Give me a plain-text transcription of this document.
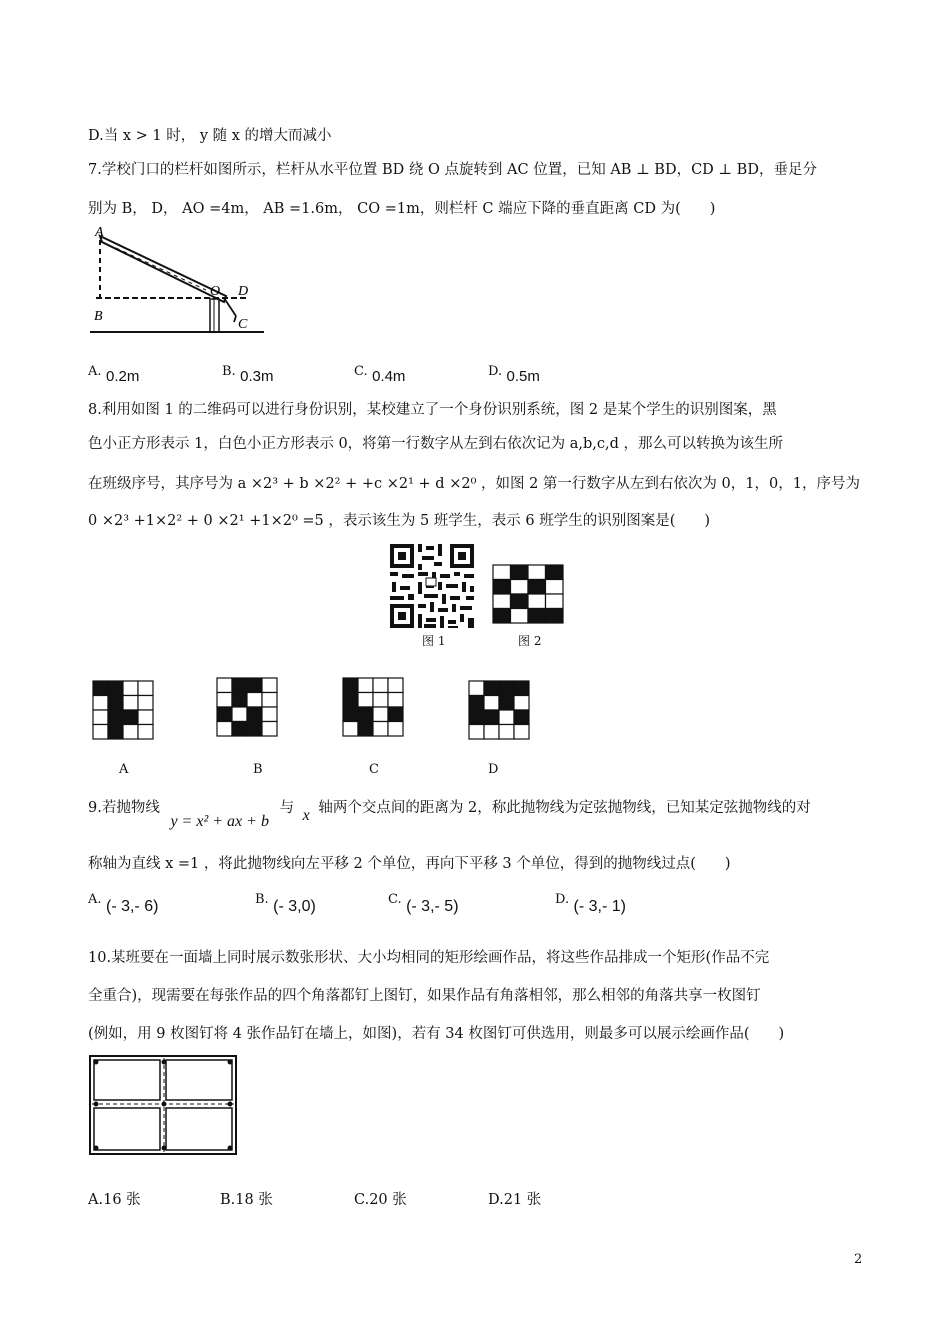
D.当 x > 1 时， y 随 x 的增大而减小
7.学校门口的栏杆如图所示，栏杆从水平位置 BD 绕 O 点旋转到 AC 位置，已知 AB ⊥ BD，CD ⊥ BD，垂足分
别为 B， D， AO =4m， AB =1.6m， CO =1m，则栏杆 C 端应下降的垂直距离 CD 为(　　)
A
O D
B
C
A. 0.2m	B. 0.3m	C. 0.4m	D. 0.5m
8.利用如图 1 的二维码可以进行身份识别，某校建立了一个身份识别系统，图 2 是某个学生的识别图案，黑
色小正方形表示 1，白色小正方形表示 0，将第一行数字从左到右依次记为 a,b,c,d ，那么可以转换为该生所
在班级序号，其序号为 a ×2³ + b ×2² + +c ×2¹ + d ×2⁰ ，如图 2 第一行数字从左到右依次为 0，1，0，1，序号为
0 ×2³ +1×2² + 0 ×2¹ +1×2⁰ =5 ，表示该生为 5 班学生，表示 6 班学生的识别图案是(　　)
图 1	图 2
A	B	C	D
9.若抛物线 y = x² + ax + b 与 x 轴两个交点间的距离为 2，称此抛物线为定弦抛物线，已知某定弦抛物线的对
称轴为直线 x =1 ，将此抛物线向左平移 2 个单位，再向下平移 3 个单位，得到的抛物线过点(　　)
A. (- 3,- 6)	B. (- 3,0)	C. (- 3,- 5)	D. (- 3,- 1)
10.某班要在一面墙上同时展示数张形状、大小均相同的矩形绘画作品，将这些作品排成一个矩形(作品不完
全重合)，现需要在每张作品的四个角落都钉上图钉，如果作品有角落相邻，那么相邻的角落共享一枚图钉
(例如，用 9 枚图钉将 4 张作品钉在墙上，如图)，若有 34 枚图钉可供选用，则最多可以展示绘画作品(　　)
A.16 张	B.18 张	C.20 张	D.21 张
2
